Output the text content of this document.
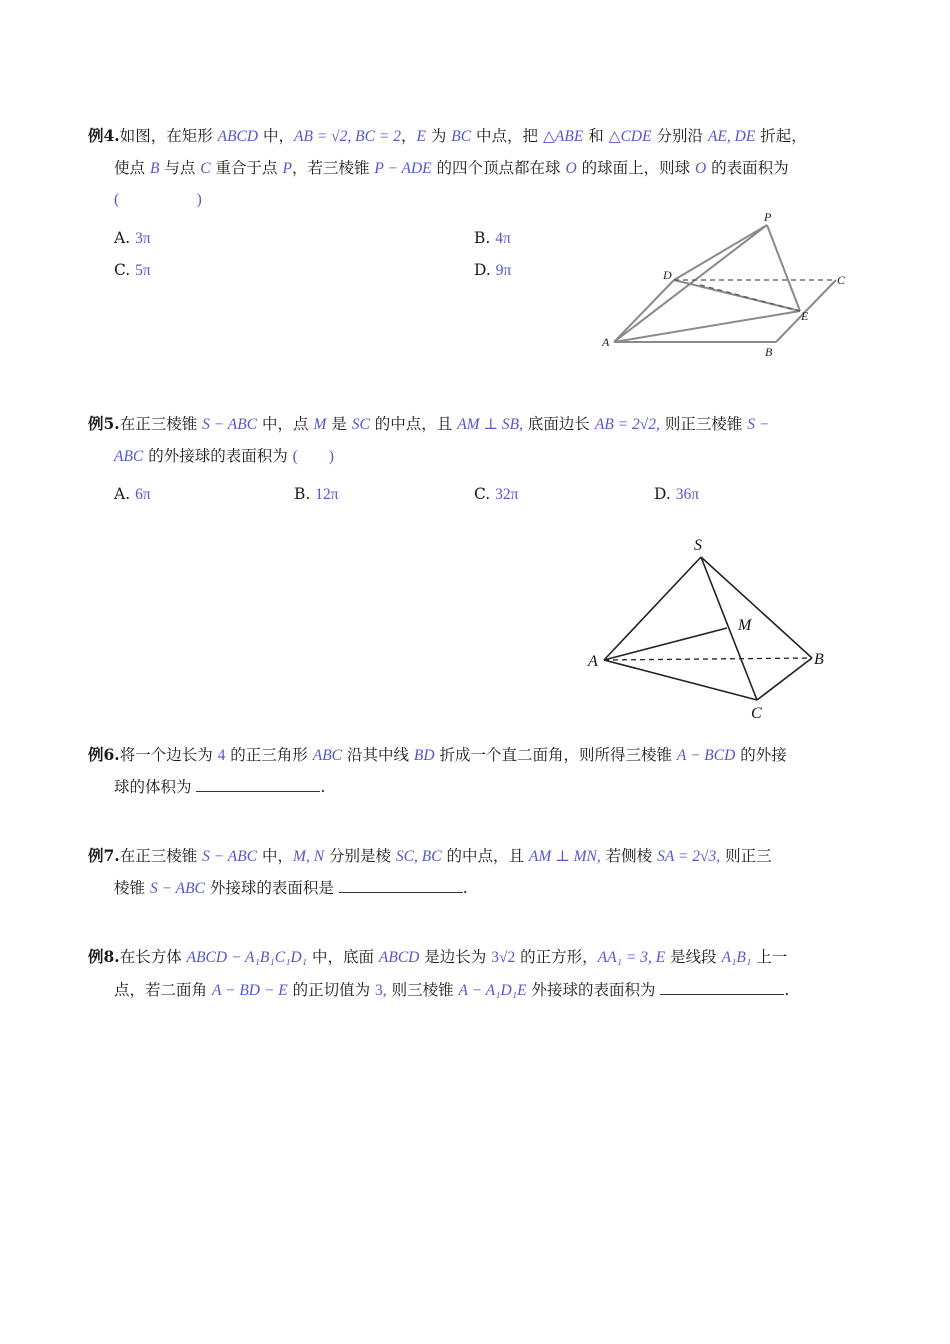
例4.如图，在矩形 ABCD 中，AB = √2, BC = 2，E 为 BC 中点，把 △ABE 和 △CDE 分别沿 AE, DE 折起，
使点 B 与点 C 重合于点 P，若三棱锥 P − ADE 的四个顶点都在球 O 的球面上，则球 O 的表面积为
(                    )
A. 3π	B. 4π
C. 5π	D. 9π
P
D	C
E
A
B
例5.在正三棱锥 S − ABC 中，点 M 是 SC 的中点，且 AM ⊥ SB, 底面边长 AB = 2√2, 则正三棱锥 S −
ABC 的外接球的表面积为 (        )
A. 6π	B. 12π	C. 32π	D. 36π
S
M
A	B
C
例6.将一个边长为 4 的正三角形 ABC 沿其中线 BD 折成一个直二面角，则所得三棱锥 A − BCD 的外接
球的体积为	.
例7.在正三棱锥 S − ABC 中，M, N 分别是棱 SC, BC 的中点，且 AM ⊥ MN, 若侧棱 SA = 2√3, 则正三
棱锥 S − ABC 外接球的表面积是	.
例8.在长方体 ABCD − A₁B₁C₁D₁ 中，底面 ABCD 是边长为 3√2 的正方形，AA₁ = 3, E 是线段 A₁B₁ 上一
点，若二面角 A − BD − E 的正切值为 3, 则三棱锥 A − A₁D₁E 外接球的表面积为	.
